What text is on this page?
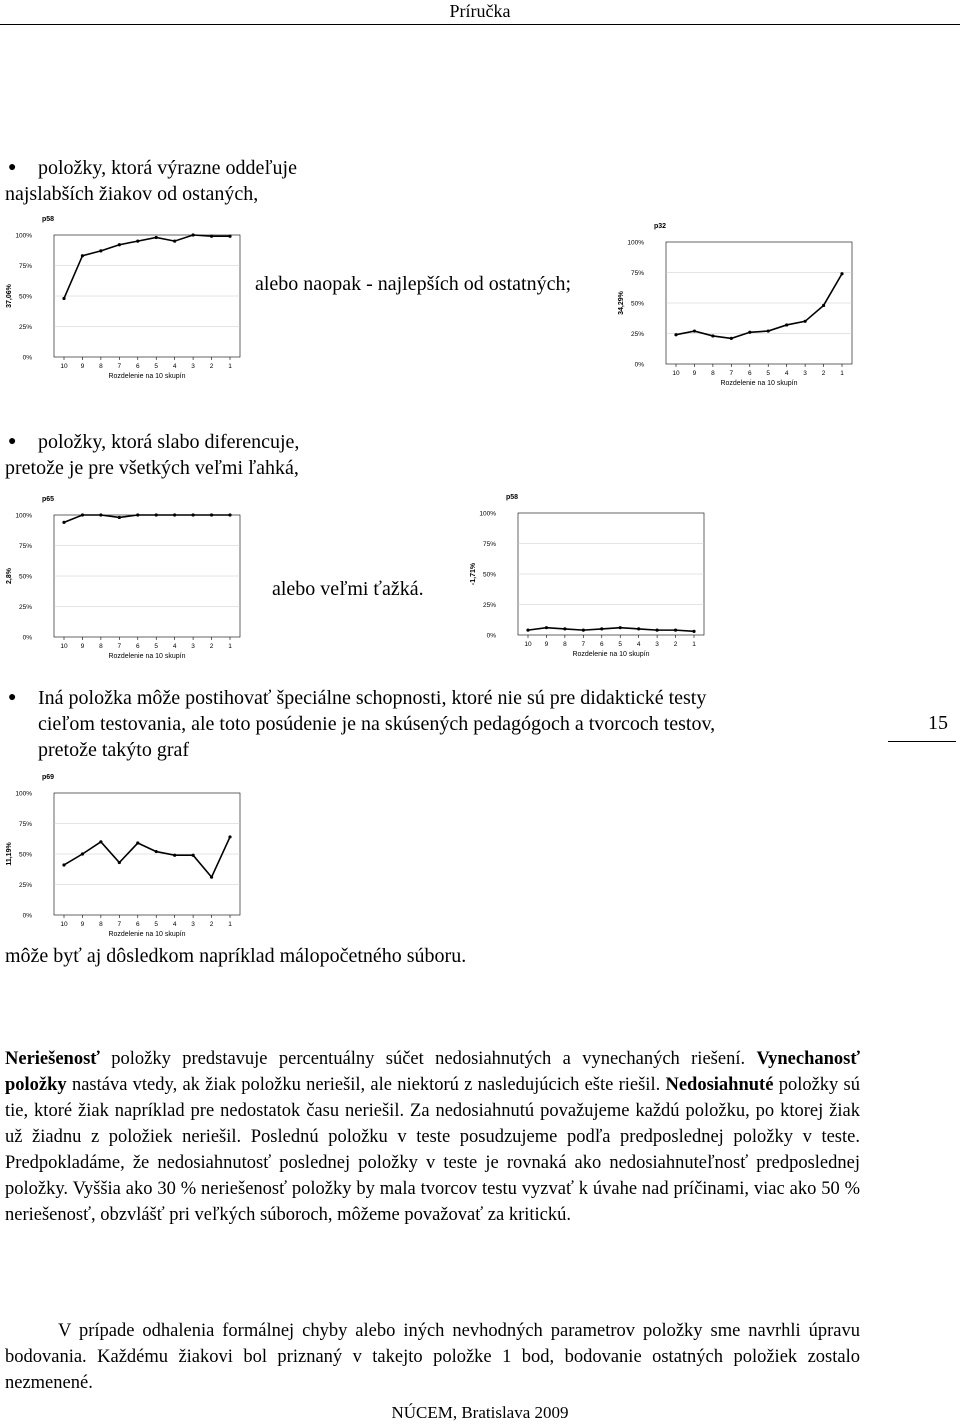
Príručka
● položky, ktorá výrazne oddeľuje
najslabších žiakov od ostaných,
alebo naopak - najlepších od ostatných;
p58
0%
25%
50%
75%
100%
37,06%
10 9 8 7 6 5 4 3 2 1
Rozdelenie na 10 skupín
p32
0%
25%
50%
75%
100%
34,29%
10 9 8 7 6 5 4 3 2 1
Rozdelenie na 10 skupín
● položky, ktorá slabo diferencuje,
pretože je pre všetkých veľmi ľahká,
alebo veľmi ťažká.
p65
0%
25%
50%
75%
100%
2,8%
10 9 8 7 6 5 4 3 2 1
Rozdelenie na 10 skupín
p58
0%
25%
50%
75%
100%
-1,71%
10 9 8 7 6 5 4 3 2 1
Rozdelenie na 10 skupín
● Iná položka môže postihovať špeciálne schopnosti, ktoré nie sú pre didaktické testy
cieľom testovania, ale toto posúdenie je na skúsených pedagógoch a tvorcoch testov,
pretože takýto graf
15
p69
0%
25%
50%
75%
100%
11,19%
10 9 8 7 6 5 4 3 2 1
Rozdelenie na 10 skupín
môže byť aj dôsledkom napríklad málopočetného súboru.
Neriešenosť položky predstavuje percentuálny súčet nedosiahnutých a vynechaných riešení. Vynechanosť položky nastáva vtedy, ak žiak položku neriešil, ale niektorú z nasledujúcich ešte riešil. Nedosiahnuté položky sú tie, ktoré žiak napríklad pre nedostatok času neriešil. Za nedosiahnutú považujeme každú položku, po ktorej žiak už žiadnu z položiek neriešil. Poslednú položku v teste posudzujeme podľa predposlednej položky v teste. Predpokladáme, že nedosiahnutosť poslednej položky v teste je rovnaká ako nedosiahnuteľnosť predposlednej položky. Vyššia ako 30 % neriešenosť položky by mala tvorcov testu vyzvať k úvahe nad príčinami, viac ako 50 % neriešenosť, obzvlášť pri veľkých súboroch, môžeme považovať za kritickú.
V prípade odhalenia formálnej chyby alebo iných nevhodných parametrov položky sme navrhli úpravu bodovania. Každému žiakovi bol priznaný v takejto položke 1 bod, bodovanie ostatných položiek zostalo nezmenené.
NÚCEM, Bratislava 2009
